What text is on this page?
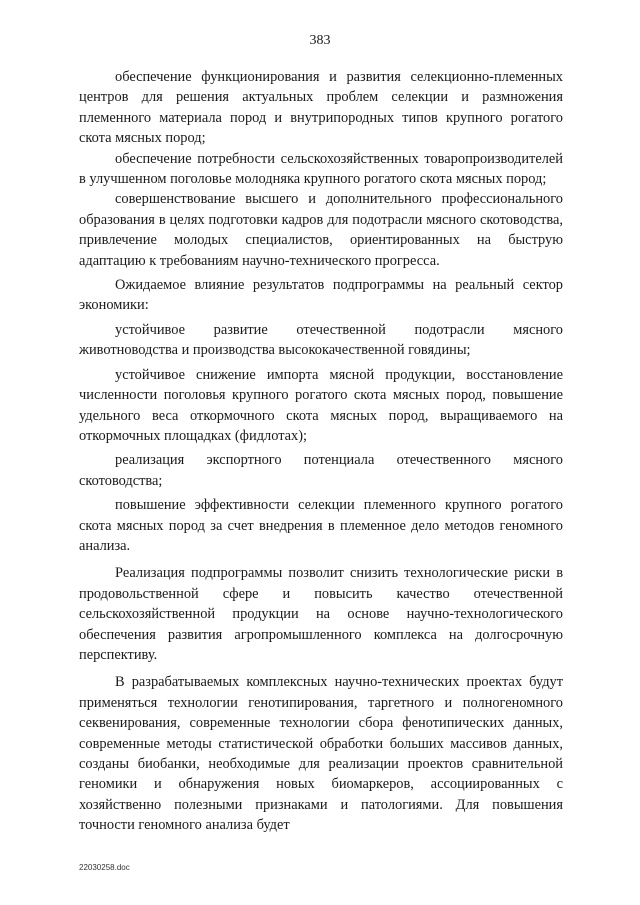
383

обеспечение функционирования и развития селекционно-племенных центров для решения актуальных проблем селекции и размножения племенного материала пород и внутрипородных типов крупного рогатого скота мясных пород;

обеспечение потребности сельскохозяйственных товаропроизводителей в улучшенном поголовье молодняка крупного рогатого скота мясных пород;

совершенствование высшего и дополнительного профессионального образования в целях подготовки кадров для подотрасли мясного скотоводства, привлечение молодых специалистов, ориентированных на быструю адаптацию к требованиям научно-технического прогресса.

Ожидаемое влияние результатов подпрограммы на реальный сектор экономики:

устойчивое развитие отечественной подотрасли мясного животноводства и производства высококачественной говядины;

устойчивое снижение импорта мясной продукции, восстановление численности поголовья крупного рогатого скота мясных пород, повышение удельного веса откормочного скота мясных пород, выращиваемого на откормочных площадках (фидлотах);

реализация экспортного потенциала отечественного мясного скотоводства;

повышение эффективности селекции племенного крупного рогатого скота мясных пород за счет внедрения в племенное дело методов геномного анализа.

Реализация подпрограммы позволит снизить технологические риски в продовольственной сфере и повысить качество отечественной сельскохозяйственной продукции на основе научно-технологического обеспечения развития агропромышленного комплекса на долгосрочную перспективу.

В разрабатываемых комплексных научно-технических проектах будут применяться технологии генотипирования, таргетного и полногеномного секвенирования, современные технологии сбора фенотипических данных, современные методы статистической обработки больших массивов данных, созданы биобанки, необходимые для реализации проектов сравнительной геномики и обнаружения новых биомаркеров, ассоциированных с хозяйственно полезными признаками и патологиями. Для повышения точности геномного анализа будет

22030258.doc
